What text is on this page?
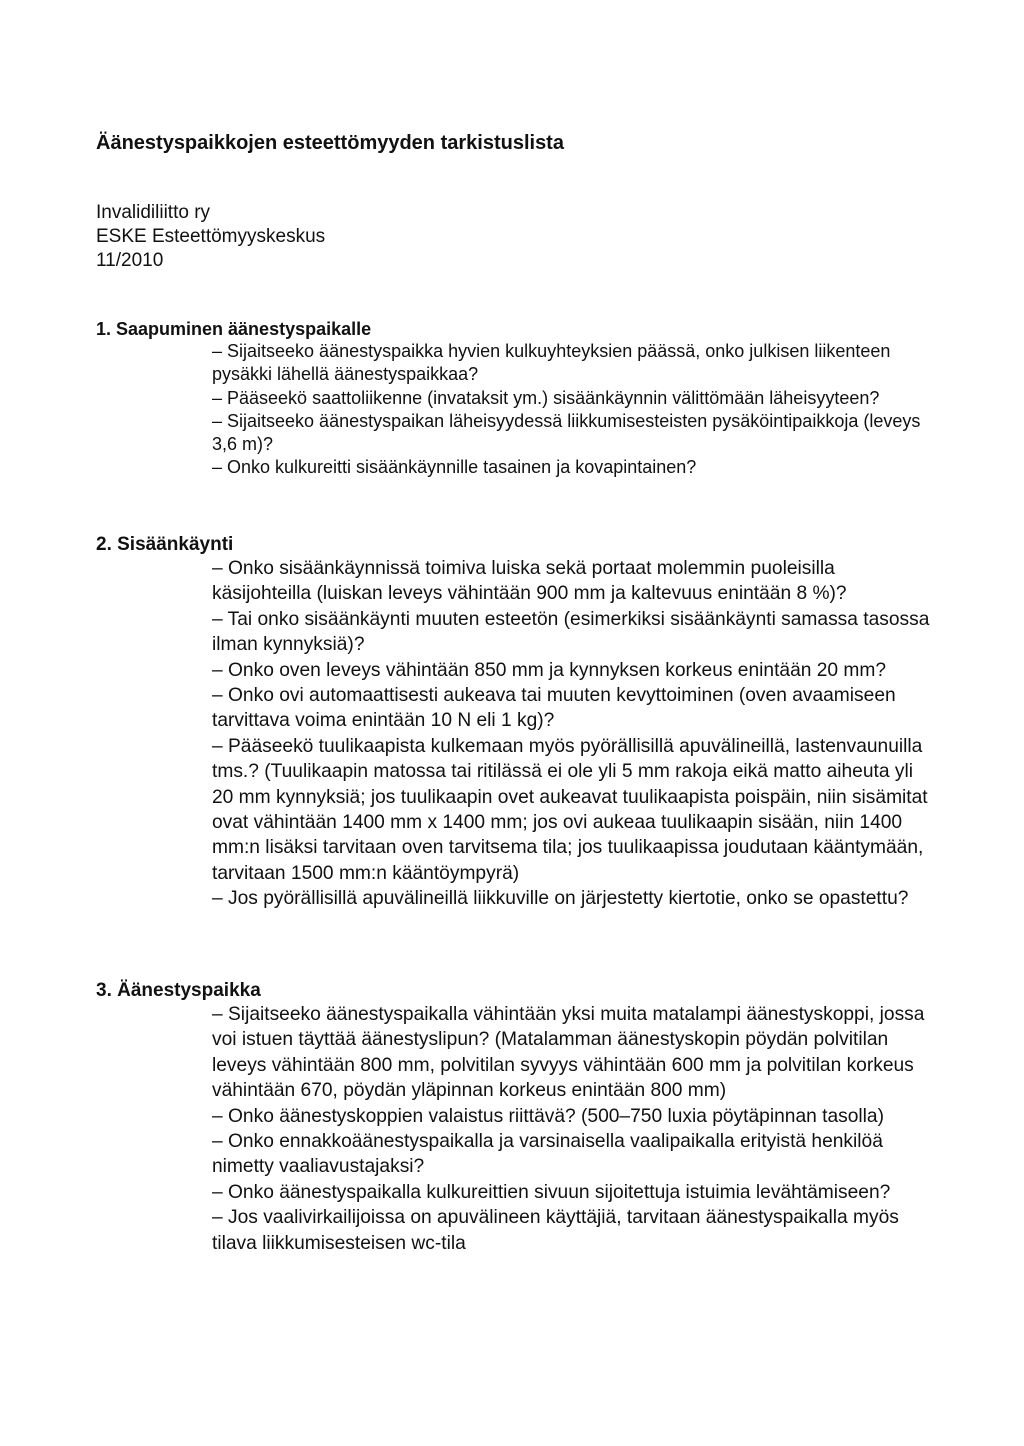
Äänestyspaikkojen esteettömyyden tarkistuslista
Invalidiliitto ry
ESKE Esteettömyyskeskus
11/2010
1. Saapuminen äänestyspaikalle
– Sijaitseeko äänestyspaikka hyvien kulkuyhteyksien päässä, onko julkisen liikenteen pysäkki lähellä äänestyspaikkaa?
– Pääseekö saattoliikenne (invataksit ym.) sisäänkäynnin välittömään läheisyyteen?
– Sijaitseeko äänestyspaikan läheisyydessä liikkumisesteisten pysäköintipaikkoja (leveys 3,6 m)?
– Onko kulkureitti sisäänkäynnille tasainen ja kovapintainen?
2. Sisäänkäynti
– Onko sisäänkäynnissä toimiva luiska sekä portaat molemmin puoleisilla käsijohteilla (luiskan leveys vähintään 900 mm ja kaltevuus enintään 8 %)?
– Tai onko sisäänkäynti muuten esteetön (esimerkiksi sisäänkäynti samassa tasossa ilman kynnyksiä)?
– Onko oven leveys vähintään 850 mm ja kynnyksen korkeus enintään 20 mm?
– Onko ovi automaattisesti aukeava tai muuten kevyttoiminen (oven avaamiseen tarvittava voima enintään 10 N eli 1 kg)?
– Pääseekö tuulikaapista kulkemaan myös pyörällisillä apuvälineillä, lastenvaunuilla tms.? (Tuulikaapin matossa tai ritilässä ei ole yli 5 mm rakoja eikä matto aiheuta yli 20 mm kynnyksiä; jos tuulikaapin ovet aukeavat tuulikaapista poispäin, niin sisämitat ovat vähintään 1400 mm x 1400 mm; jos ovi aukeaa tuulikaapin sisään, niin 1400 mm:n lisäksi tarvitaan oven tarvitsema tila; jos tuulikaapissa joudutaan kääntymään, tarvitaan 1500 mm:n kääntöympyrä)
– Jos pyörällisillä apuvälineillä liikkuville on järjestetty kiertotie, onko se opastettu?
3. Äänestyspaikka
– Sijaitseeko äänestyspaikalla vähintään yksi muita matalampi äänestyskoppi, jossa voi istuen täyttää äänestyslipun? (Matalamman äänestyskopin pöydän polvitilan leveys vähintään 800 mm, polvitilan syvyys vähintään 600 mm ja polvitilan korkeus vähintään 670, pöydän yläpinnan korkeus enintään 800 mm)
– Onko äänestyskoppien valaistus riittävä? (500–750 luxia pöytäpinnan tasolla)
– Onko ennakkoäänestyspaikalla ja varsinaisella vaalipaikalla erityistä henkilöä nimetty vaaliavustajaksi?
– Onko äänestyspaikalla kulkureittien sivuun sijoitettuja istuimia levähtämiseen?
– Jos vaalivirkailijoissa on apuvälineen käyttäjiä, tarvitaan äänestyspaikalla myös tilava liikkumisesteisen wc-tila
